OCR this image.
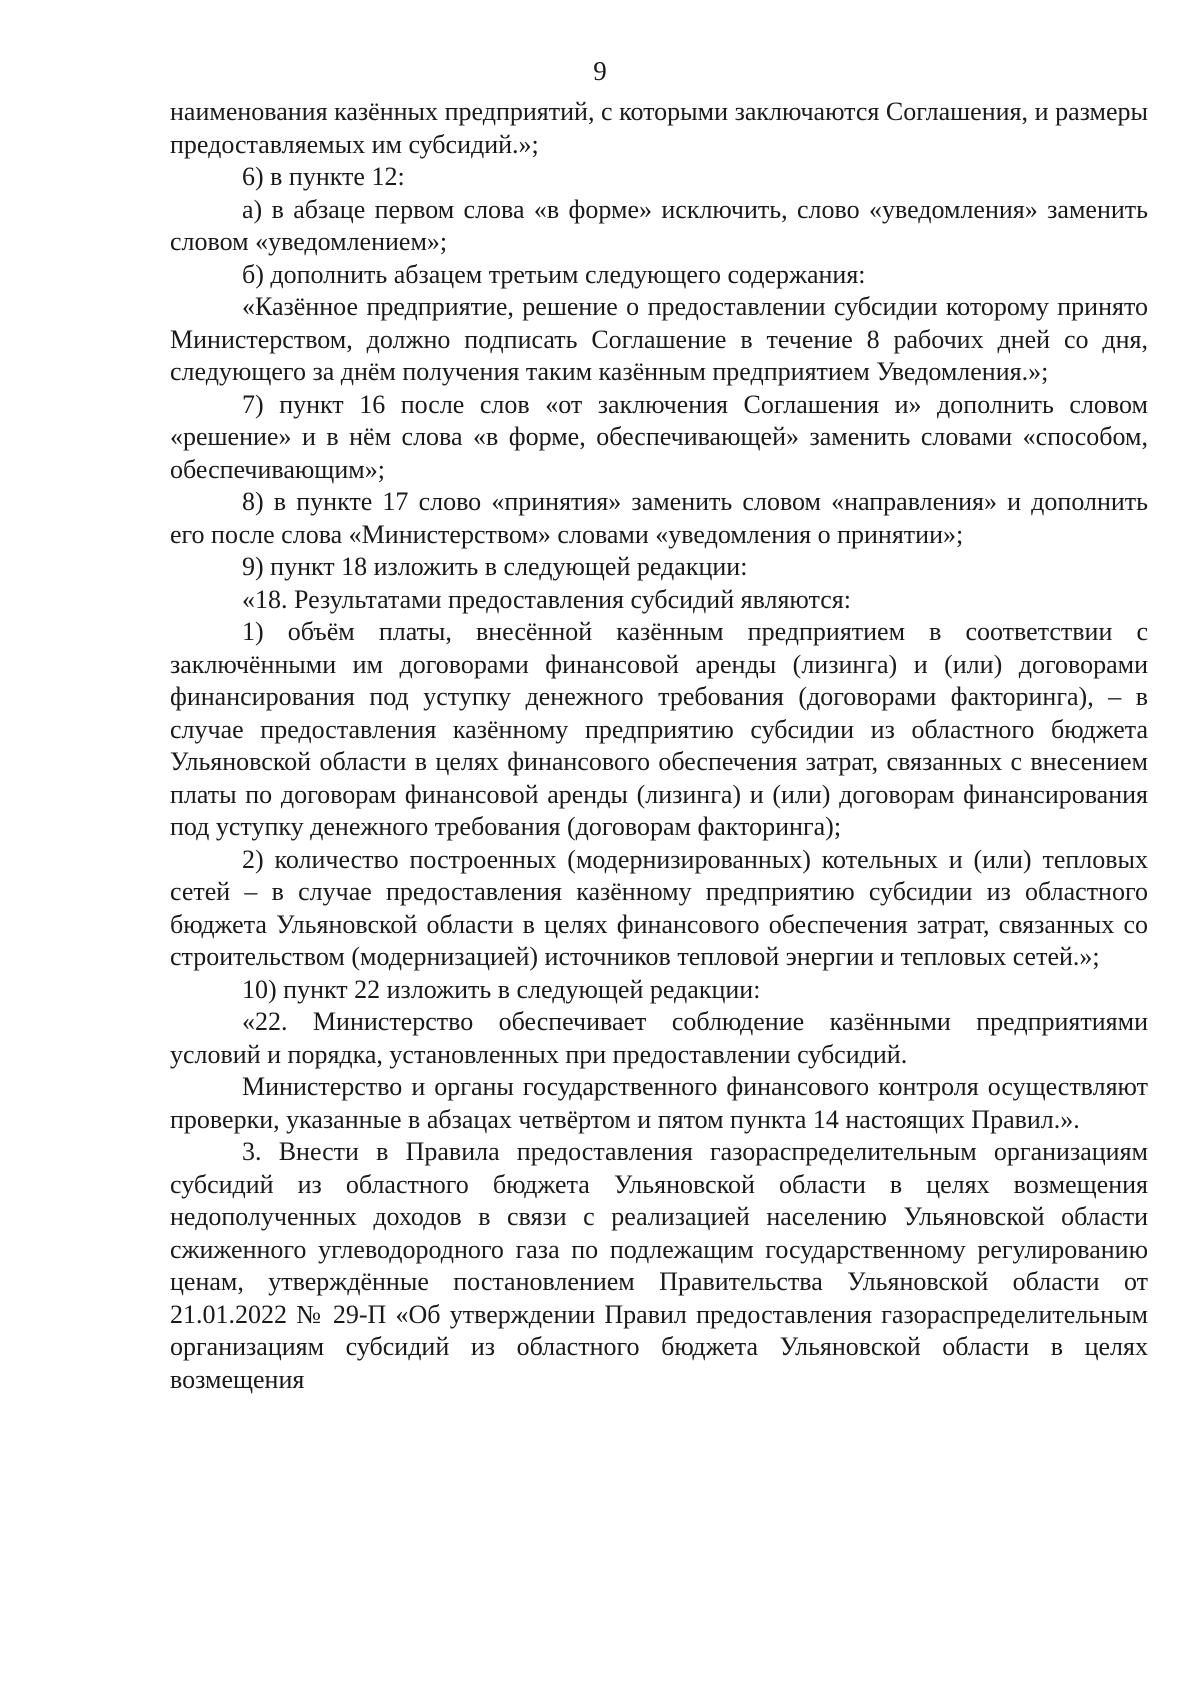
9

наименования казённых предприятий, с которыми заключаются Соглашения, и размеры предоставляемых им субсидий.»;

6) в пункте 12:

а) в абзаце первом слова «в форме» исключить, слово «уведомления» заменить словом «уведомлением»;

б) дополнить абзацем третьим следующего содержания:

«Казённое предприятие, решение о предоставлении субсидии которому принято Министерством, должно подписать Соглашение в течение 8 рабочих дней со дня, следующего за днём получения таким казённым предприятием Уведомления.»;

7) пункт 16 после слов «от заключения Соглашения и» дополнить словом «решение» и в нём слова «в форме, обеспечивающей» заменить словами «способом, обеспечивающим»;

8) в пункте 17 слово «принятия» заменить словом «направления» и дополнить его после слова «Министерством» словами «уведомления о принятии»;

9) пункт 18 изложить в следующей редакции:

«18. Результатами предоставления субсидий являются:

1) объём платы, внесённой казённым предприятием в соответствии с заключёнными им договорами финансовой аренды (лизинга) и (или) договорами финансирования под уступку денежного требования (договорами факторинга), – в случае предоставления казённому предприятию субсидии из областного бюджета Ульяновской области в целях финансового обеспечения затрат, связанных с внесением платы по договорам финансовой аренды (лизинга) и (или) договорам финансирования под уступку денежного требования (договорам факторинга);

2) количество построенных (модернизированных) котельных и (или) тепловых сетей – в случае предоставления казённому предприятию субсидии из областного бюджета Ульяновской области в целях финансового обеспечения затрат, связанных со строительством (модернизацией) источников тепловой энергии и тепловых сетей.»;

10) пункт 22 изложить в следующей редакции:

«22. Министерство обеспечивает соблюдение казёнными предприятиями условий и порядка, установленных при предоставлении субсидий.

Министерство и органы государственного финансового контроля осуществляют проверки, указанные в абзацах четвёртом и пятом пункта 14 настоящих Правил.».

3. Внести в Правила предоставления газораспределительным организациям субсидий из областного бюджета Ульяновской области в целях возмещения недополученных доходов в связи с реализацией населению Ульяновской области сжиженного углеводородного газа по подлежащим государственному регулированию ценам, утверждённые постановлением Правительства Ульяновской области от 21.01.2022 № 29-П «Об утверждении Правил предоставления газораспределительным организациям субсидий из областного бюджета Ульяновской области в целях возмещения
